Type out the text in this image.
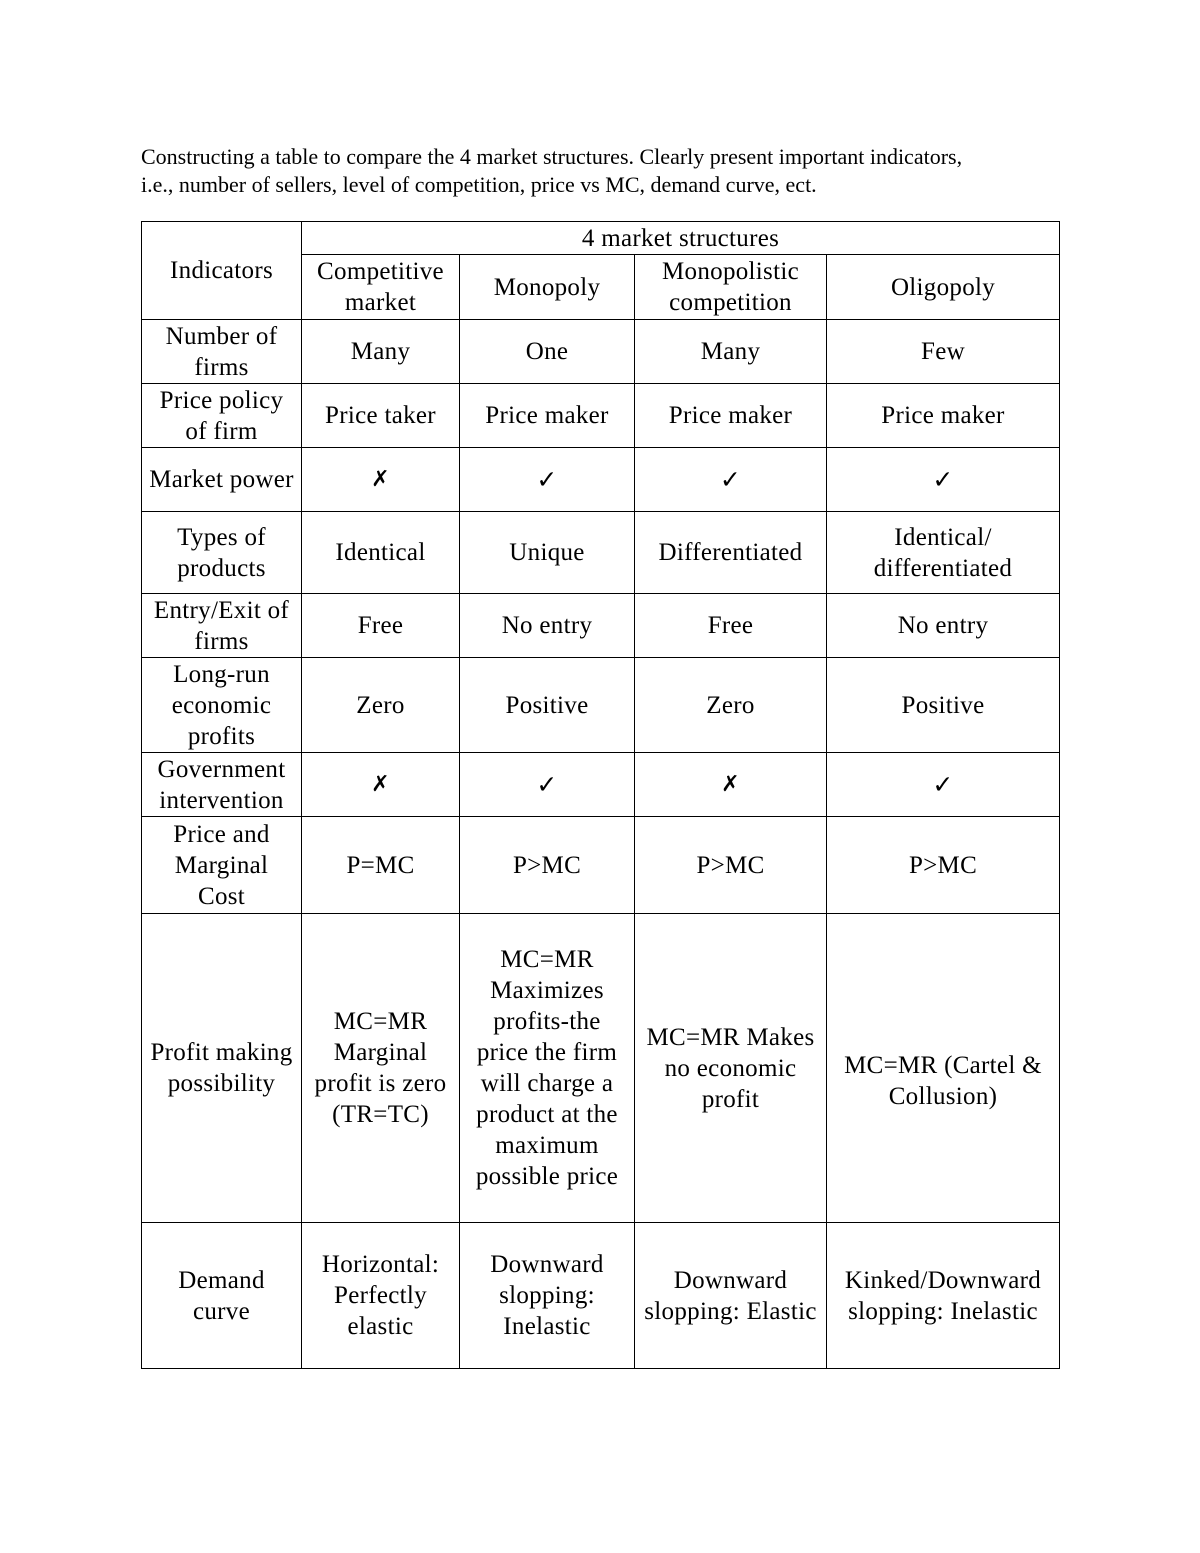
Constructing a table to compare the 4 market structures. Clearly present important indicators,
i.e., number of sellers, level of competition, price vs MC, demand curve, ect.

Indicators	4 market structures			
	Competitive market	Monopoly	Monopolistic competition	Oligopoly
Number of firms	Many	One	Many	Few
Price policy of firm	Price taker	Price maker	Price maker	Price maker
Market power	✗	✓	✓	✓
Types of products	Identical	Unique	Differentiated	Identical/ differentiated
Entry/Exit of firms	Free	No entry	Free	No entry
Long-run economic profits	Zero	Positive	Zero	Positive
Government intervention	✗	✓	✗	✓
Price and Marginal Cost	P=MC	P>MC	P>MC	P>MC
Profit making possibility	MC=MR Marginal profit is zero (TR=TC)	MC=MR Maximizes profits-the price the firm will charge a product at the maximum possible price	MC=MR Makes no economic profit	MC=MR (Cartel & Collusion)
Demand curve	Horizontal: Perfectly elastic	Downward slopping: Inelastic	Downward slopping: Elastic	Kinked/Downward slopping: Inelastic
